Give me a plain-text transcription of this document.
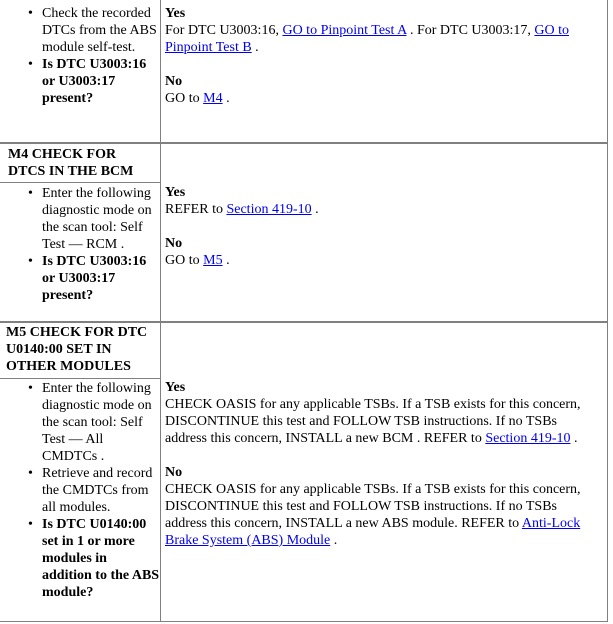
• Check the recorded DTCs from the ABS module self-test.
• Is DTC U3003:16 or U3003:17 present?
Yes
For DTC U3003:16, GO to Pinpoint Test A . For DTC U3003:17, GO to Pinpoint Test B .
No
GO to M4 .
M4 CHECK FOR DTCS IN THE BCM
• Enter the following diagnostic mode on the scan tool: Self Test — RCM .
• Is DTC U3003:16 or U3003:17 present?
Yes
REFER to Section 419-10 .
No
GO to M5 .
M5 CHECK FOR DTC U0140:00 SET IN OTHER MODULES
• Enter the following diagnostic mode on the scan tool: Self Test — All CMDTCs .
• Retrieve and record the CMDTCs from all modules.
• Is DTC U0140:00 set in 1 or more modules in addition to the ABS module?
Yes
CHECK OASIS for any applicable TSBs. If a TSB exists for this concern, DISCONTINUE this test and FOLLOW TSB instructions. If no TSBs address this concern, INSTALL a new BCM . REFER to Section 419-10 .
No
CHECK OASIS for any applicable TSBs. If a TSB exists for this concern, DISCONTINUE this test and FOLLOW TSB instructions. If no TSBs address this concern, INSTALL a new ABS module. REFER to Anti-Lock Brake System (ABS) Module .
